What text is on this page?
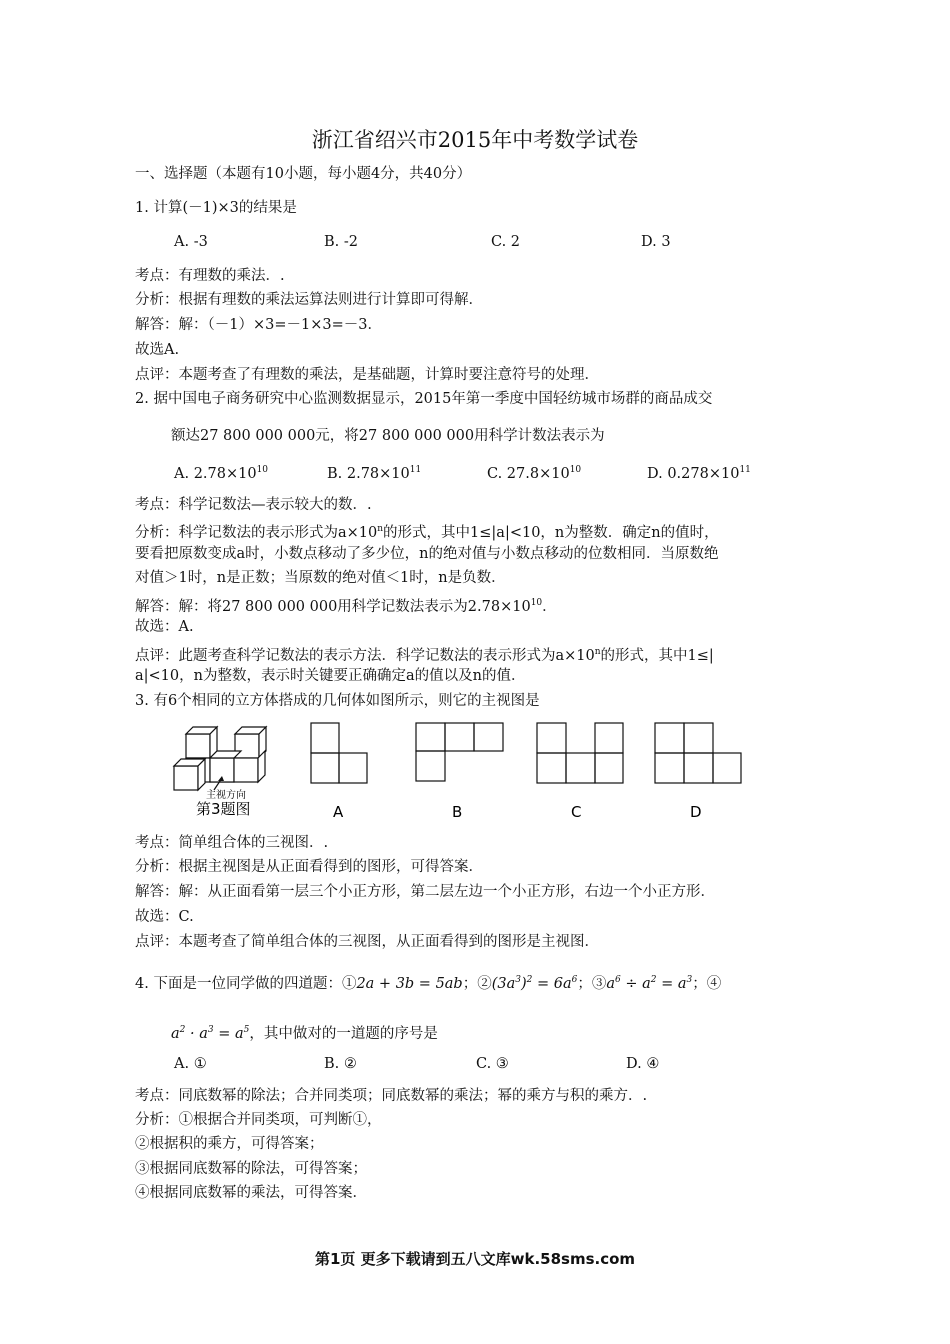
浙江省绍兴市2015年中考数学试卷
一、选择题（本题有10小题，每小题4分，共40分）
1. 计算(－1)×3的结果是
A. -3	B. -2	C. 2	D. 3
考点：有理数的乘法．.
分析：根据有理数的乘法运算法则进行计算即可得解．
解答：解：（－1）×3=－1×3=－3．
故选A.
点评：本题考查了有理数的乘法，是基础题，计算时要注意符号的处理．
2. 据中国电子商务研究中心监测数据显示，2015年第一季度中国轻纺城市场群的商品成交
额达27 800 000 000元，将27 800 000 000用科学计数法表示为
A. $2.78\times 10^{10}$	B. $2.78\times 10^{11}$	C. $27.8\times 10^{10}$	D. $0.278\times 10^{11}$
考点：科学记数法—表示较大的数．.
分析：科学记数法的表示形式为$a\times 10^n$的形式，其中1≤|a|<10，n为整数．确定n的值时，
要看把原数变成a时，小数点移动了多少位，n的绝对值与小数点移动的位数相同．当原数绝
对值＞1时，n是正数；当原数的绝对值＜1时，n是负数．
解答：解：将27 800 000 000用科学记数法表示为$2.78\times 10^{10}$．
故选：A.
点评：此题考查科学记数法的表示方法．科学记数法的表示形式为$a\times 10^n$的形式，其中1≤|
a|<10，n为整数，表示时关键要正确确定a的值以及n的值．
3. 有6个相同的立方体搭成的几何体如图所示，则它的主视图是
主视方向
第3题图	A	B	C	D
考点：简单组合体的三视图．.
分析：根据主视图是从正面看得到的图形，可得答案．
解答：解：从正面看第一层三个小正方形，第二层左边一个小正方形，右边一个小正方形．
故选：C.
点评：本题考查了简单组合体的三视图，从正面看得到的图形是主视图．
4. 下面是一位同学做的四道题：①2a + 3b = 5ab；$②(3a^3)^2 = 6a^6$；$③a^6 \div a^2 = a^3$；④
$a^2 \cdot a^3 = a^5$，其中做对的一道题的序号是
A. ①	B. ②	C. ③	D. ④
考点：同底数幂的除法；合并同类项；同底数幂的乘法；幂的乘方与积的乘方．.
分析：①根据合并同类项，可判断①，
②根据积的乘方，可得答案；
③根据同底数幂的除法，可得答案；
④根据同底数幂的乘法，可得答案．
第1页 更多下载请到五八文库wk.58sms.com
